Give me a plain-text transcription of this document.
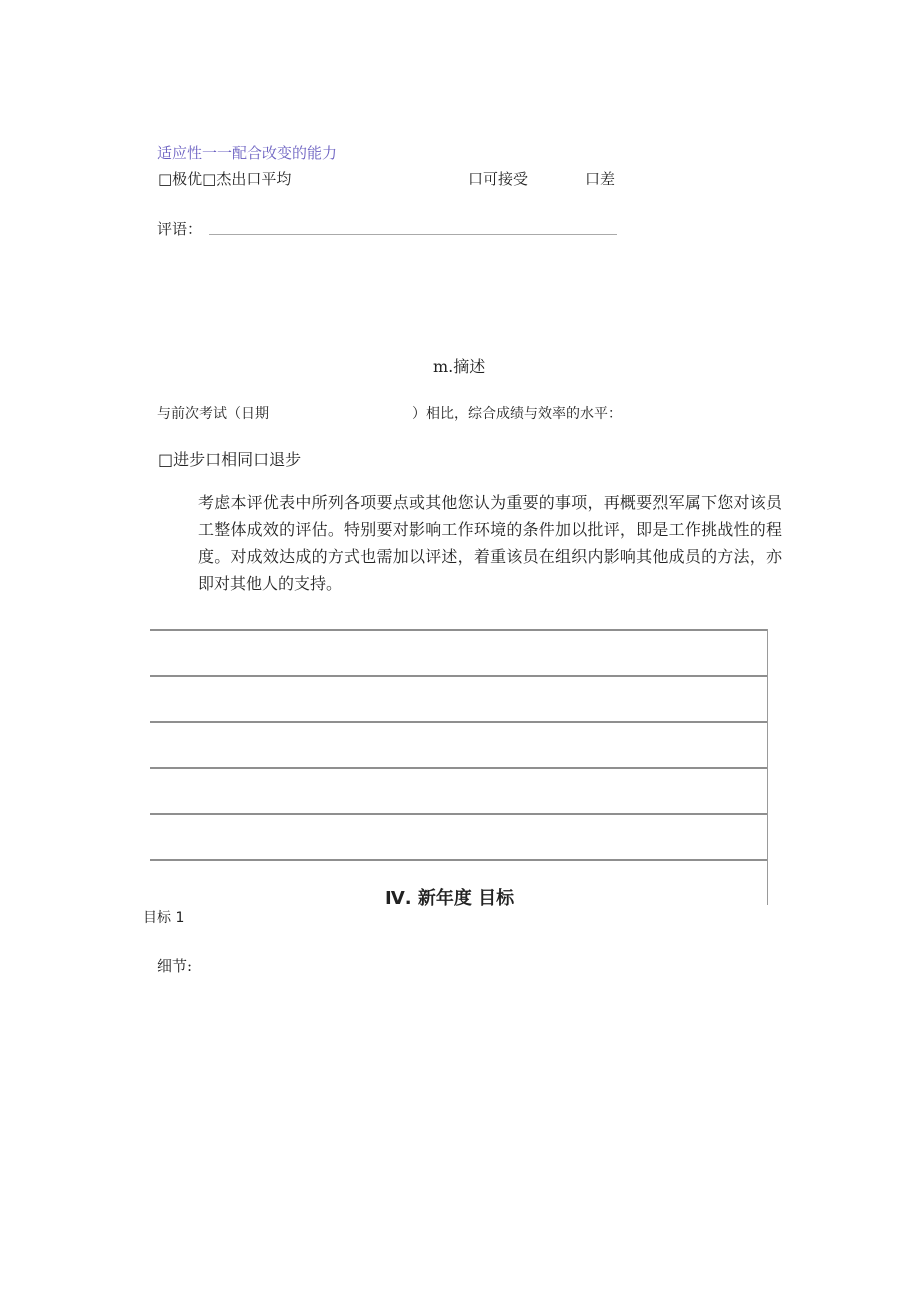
适应性一一配合改变的能力
□极优□杰出口平均	口可接受	口差
评语：
m.摘述
与前次考试（日期	）相比，综合成绩与效率的水平：
□进步口相同口退步
考虑本评优表中所列各项要点或其他您认为重要的事项，再概要烈军属下您对该员工整体成效的评估。特别要对影响工作环境的条件加以批评，即是工作挑战性的程度。对成效达成的方式也需加以评述，着重该员在组织内影响其他成员的方法，亦即对其他人的支持。
Ⅳ. 新年度 目标
目标 1
细节:
